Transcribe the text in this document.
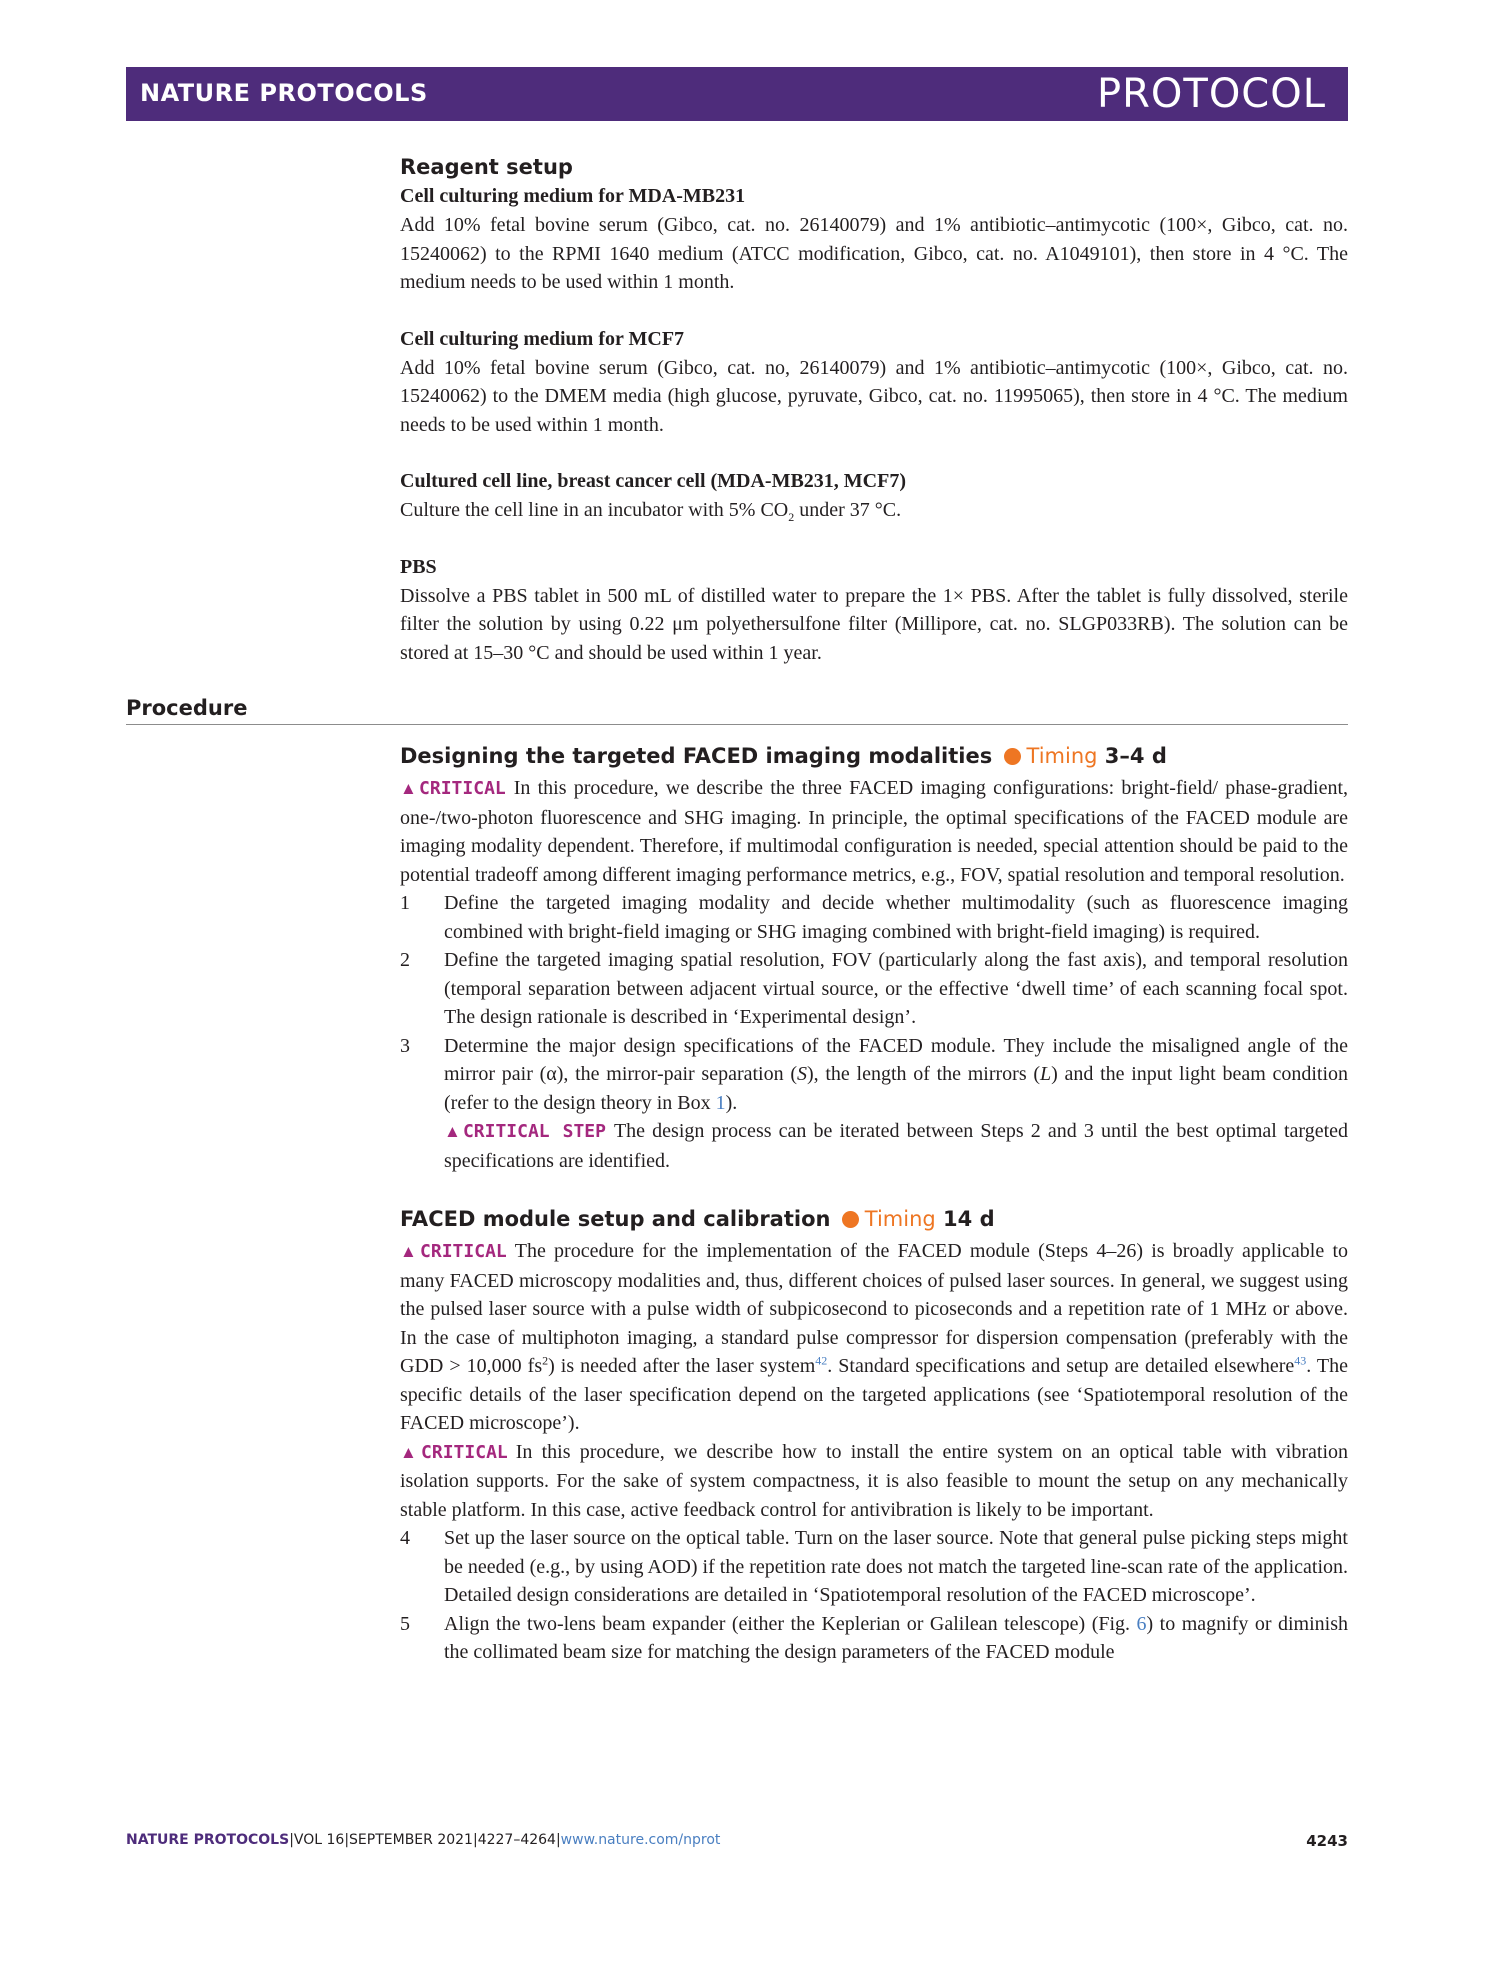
NATURE PROTOCOLS	PROTOCOL
Reagent setup
Cell culturing medium for MDA-MB231

Add 10% fetal bovine serum (Gibco, cat. no. 26140079) and 1% antibiotic–antimycotic (100×, Gibco, cat. no. 15240062) to the RPMI 1640 medium (ATCC modification, Gibco, cat. no. A1049101), then store in 4 °C. The medium needs to be used within 1 month.

Cell culturing medium for MCF7

Add 10% fetal bovine serum (Gibco, cat. no, 26140079) and 1% antibiotic–antimycotic (100×, Gibco, cat. no. 15240062) to the DMEM media (high glucose, pyruvate, Gibco, cat. no. 11995065), then store in 4 °C. The medium needs to be used within 1 month.

Cultured cell line, breast cancer cell (MDA-MB231, MCF7)

Culture the cell line in an incubator with 5% $CO_2$ under 37 °C.

PBS

Dissolve a PBS tablet in 500 mL of distilled water to prepare the 1× PBS. After the tablet is fully dissolved, sterile filter the solution by using 0.22 μm polyethersulfone filter (Millipore, cat. no. SLGP033RB). The solution can be stored at 15–30 °C and should be used within 1 year.

Procedure
Designing the targeted FACED imaging modalities Timing 3–4 d

▲CRITICAL In this procedure, we describe the three FACED imaging configurations: bright-field/ phase-gradient, one-/two-photon fluorescence and SHG imaging. In principle, the optimal specifications of the FACED module are imaging modality dependent. Therefore, if multimodal configuration is needed, special attention should be paid to the potential tradeoff among different imaging performance metrics, e.g., FOV, spatial resolution and temporal resolution.

1	Define the targeted imaging modality and decide whether multimodality (such as fluorescence imaging combined with bright-field imaging or SHG imaging combined with bright-field imaging) is required.
2	Define the targeted imaging spatial resolution, FOV (particularly along the fast axis), and temporal resolution (temporal separation between adjacent virtual source, or the effective ‘dwell time’ of each scanning focal spot. The design rationale is described in ‘Experimental design’.
3	Determine the major design specifications of the FACED module. They include the misaligned angle of the mirror pair (α), the mirror-pair separation (S), the length of the mirrors (L) and the input light beam condition (refer to the design theory in Box 1).
▲CRITICAL STEP The design process can be iterated between Steps 2 and 3 until the best optimal targeted specifications are identified.
FACED module setup and calibration Timing 14 d

▲CRITICAL The procedure for the implementation of the FACED module (Steps 4–26) is broadly applicable to many FACED microscopy modalities and, thus, different choices of pulsed laser sources. In general, we suggest using the pulsed laser source with a pulse width of subpicosecond to picoseconds and a repetition rate of 1 MHz or above. In the case of multiphoton imaging, a standard pulse compressor for dispersion compensation (preferably with the GDD > 10,000 $fs^2$) is needed after the laser system$^{42}$. Standard specifications and setup are detailed elsewhere$^{43}$. The specific details of the laser specification depend on the targeted applications (see ‘Spatiotemporal resolution of the FACED microscope’).

▲CRITICAL In this procedure, we describe how to install the entire system on an optical table with vibration isolation supports. For the sake of system compactness, it is also feasible to mount the setup on any mechanically stable platform. In this case, active feedback control for antivibration is likely to be important.

4	Set up the laser source on the optical table. Turn on the laser source. Note that general pulse picking steps might be needed (e.g., by using AOD) if the repetition rate does not match the targeted line-scan rate of the application. Detailed design considerations are detailed in ‘Spatiotemporal resolution of the FACED microscope’.
5	Align the two-lens beam expander (either the Keplerian or Galilean telescope) (Fig. 6) to magnify or diminish the collimated beam size for matching the design parameters of the FACED module
NATURE PROTOCOLS|VOL 16|SEPTEMBER 2021|4227–4264|www.nature.com/nprot	4243
